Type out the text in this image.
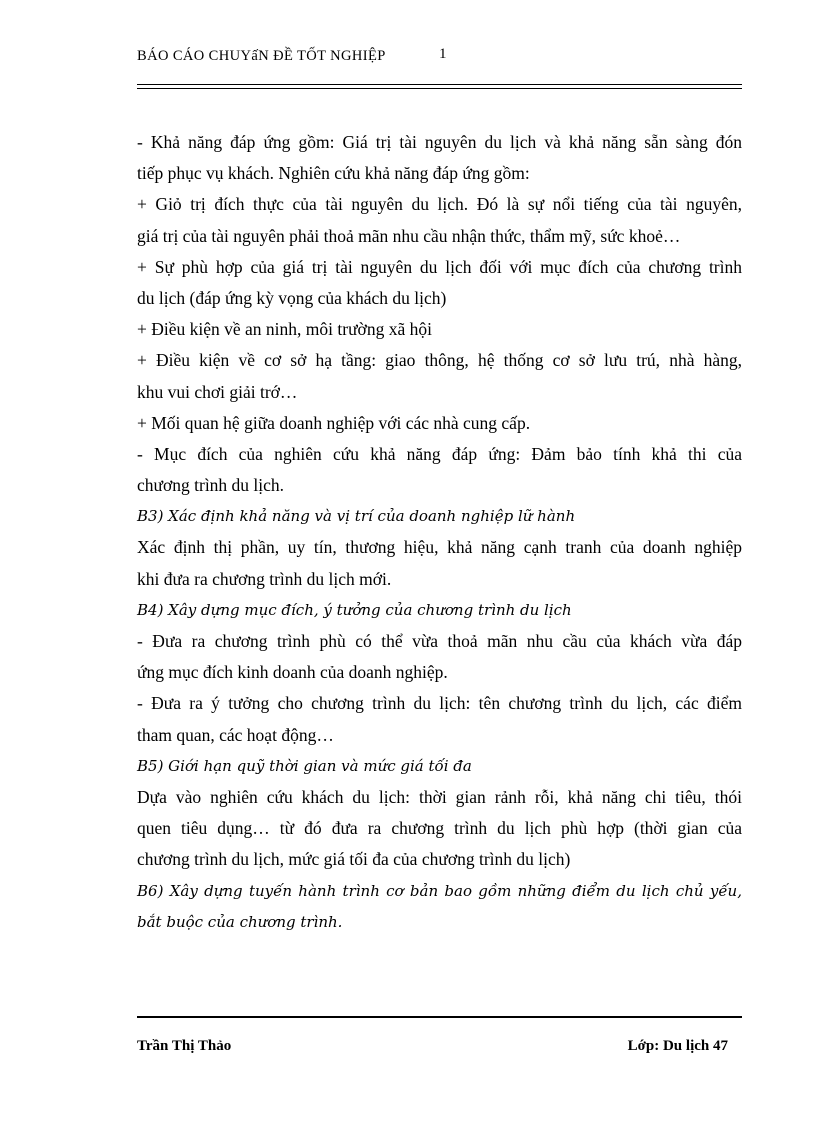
BÁO CÁO CHUYấN ĐỀ TỐT NGHIỆP	1
- Khả năng đáp ứng gồm: Giá trị tài nguyên du lịch và khả năng sẵn sàng đón
tiếp phục vụ khách. Nghiên cứu khả năng đáp ứng gồm:
+ Giỏ trị đích thực của tài nguyên du lịch. Đó là sự nổi tiếng của tài nguyên,
giá trị của tài nguyên phải thoả mãn nhu cầu nhận thức, thẩm mỹ, sức khoẻ…
+ Sự phù hợp của giá trị tài nguyên du lịch đối với mục đích của chương trình
du lịch (đáp ứng kỳ vọng của khách du lịch)
+ Điều kiện về an ninh, môi trường xã hội
+ Điều kiện về cơ sở hạ tầng: giao thông, hệ thống cơ sở lưu trú, nhà hàng,
khu vui chơi giải trớ…
+ Mối quan hệ giữa doanh nghiệp với các nhà cung cấp.
- Mục đích của nghiên cứu khả năng đáp ứng: Đảm bảo tính khả thi của
chương trình du lịch.
B3) Xác định khả năng và vị trí của doanh nghiệp lữ hành
Xác định thị phần, uy tín, thương hiệu, khả năng cạnh tranh của doanh nghiệp
khi đưa ra chương trình du lịch mới.
B4) Xây dựng mục đích, ý tưởng của chương trình du lịch
- Đưa ra chương trình phù có thể vừa thoả mãn nhu cầu của khách vừa đáp
ứng mục đích kinh doanh của doanh nghiệp.
- Đưa ra ý tưởng cho chương trình du lịch: tên chương trình du lịch, các điểm
tham quan, các hoạt động…
B5) Giới hạn quỹ thời gian và mức giá tối đa
Dựa vào nghiên cứu khách du lịch: thời gian rảnh rỗi, khả năng chi tiêu, thói
quen tiêu dụng… từ đó đưa ra chương trình du lịch phù hợp (thời gian của
chương trình du lịch, mức giá tối đa của chương trình du lịch)
B6) Xây dựng tuyến hành trình cơ bản bao gồm những điểm du lịch chủ yếu,
bắt buộc của chương trình.
Trần Thị Thảo	Lớp: Du lịch 47
